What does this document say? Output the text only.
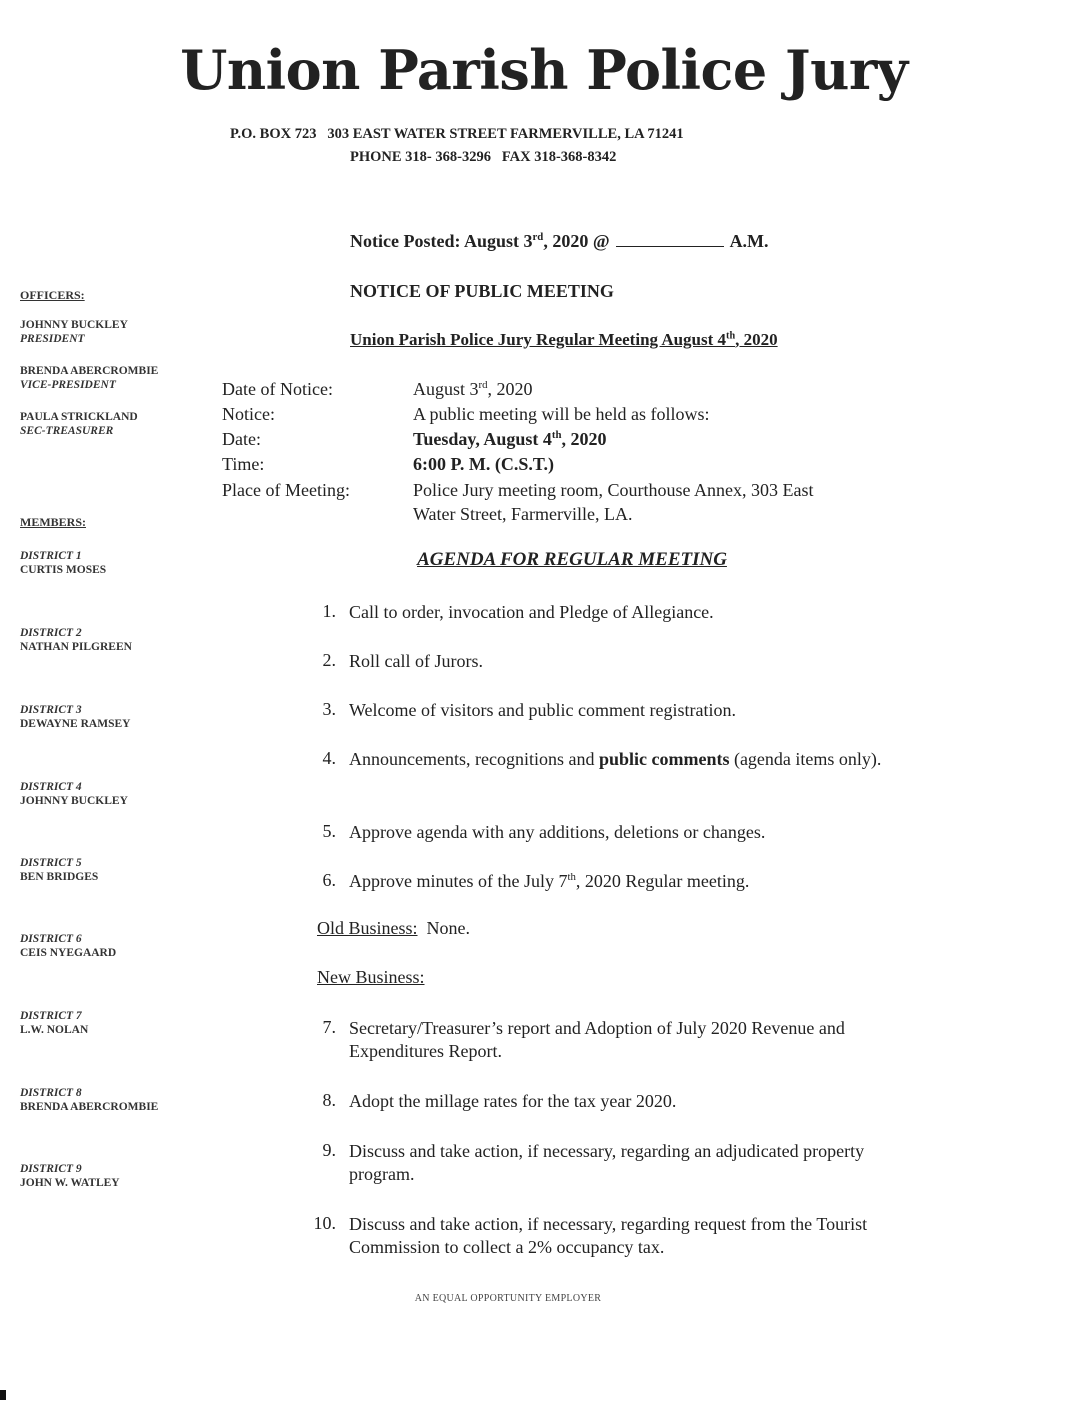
Union Parish Police Jury
P.O. BOX 723   303 EAST WATER STREET FARMERVILLE, LA 71241
PHONE 318- 368-3296   FAX 318-368-8342
Notice Posted: August 3rd, 2020 @	A.M.
NOTICE OF PUBLIC MEETING
Union Parish Police Jury Regular Meeting August 4th, 2020
OFFICERS:
JOHNNY BUCKLEY
PRESIDENT
BRENDA ABERCROMBIE
VICE-PRESIDENT
PAULA STRICKLAND
SEC-TREASURER
MEMBERS:
DISTRICT 1
CURTIS MOSES
DISTRICT 2
NATHAN PILGREEN
DISTRICT 3
DEWAYNE RAMSEY
DISTRICT 4
JOHNNY BUCKLEY
DISTRICT 5
BEN BRIDGES
DISTRICT 6
CEIS NYEGAARD
DISTRICT 7
L.W. NOLAN
DISTRICT 8
BRENDA ABERCROMBIE
DISTRICT 9
JOHN W. WATLEY
Date of Notice:	August 3rd, 2020
Notice:	A public meeting will be held as follows:
Date:	Tuesday, August 4th, 2020
Time:	6:00 P. M. (C.S.T.)
Place of Meeting:	Police Jury meeting room, Courthouse Annex, 303 East
Water Street, Farmerville, LA.
AGENDA FOR REGULAR MEETING
1. Call to order, invocation and Pledge of Allegiance.
2. Roll call of Jurors.
3. Welcome of visitors and public comment registration.
4. Announcements, recognitions and public comments (agenda items only).
5. Approve agenda with any additions, deletions or changes.
6. Approve minutes of the July 7th, 2020 Regular meeting.
Old Business: None.
New Business:
7. Secretary/Treasurer’s report and Adoption of July 2020 Revenue and Expenditures Report.
8. Adopt the millage rates for the tax year 2020.
9. Discuss and take action, if necessary, regarding an adjudicated property program.
10. Discuss and take action, if necessary, regarding request from the Tourist Commission to collect a 2% occupancy tax.
AN EQUAL OPPORTUNITY EMPLOYER
